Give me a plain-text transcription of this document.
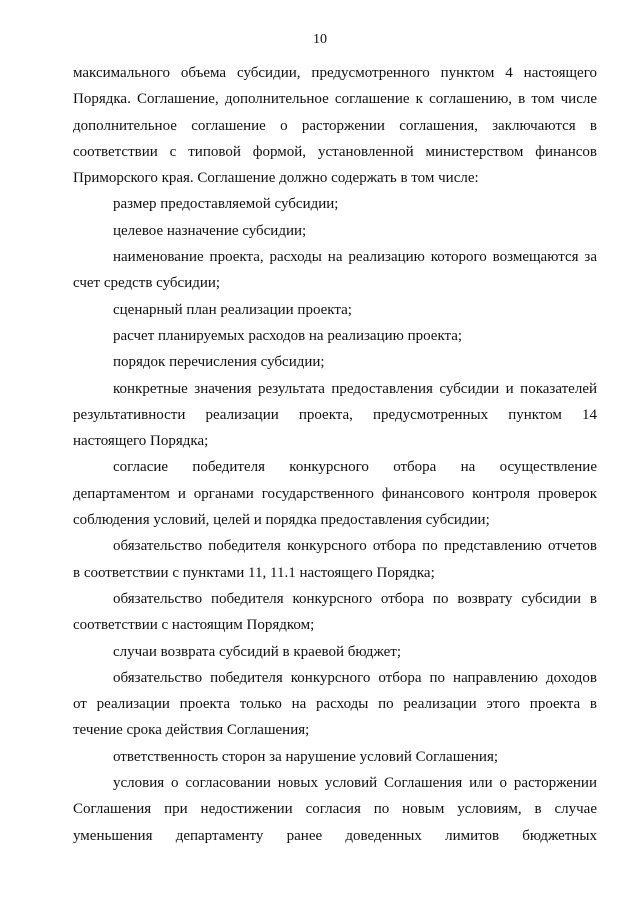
10
максимального объема субсидии, предусмотренного пунктом 4 настоящего
Порядка. Соглашение, дополнительное соглашение к соглашению, в том числе
дополнительное соглашение о расторжении соглашения, заключаются в
соответствии с типовой формой, установленной министерством финансов
Приморского края. Соглашение должно содержать в том числе:
размер предоставляемой субсидии;
целевое назначение субсидии;
наименование проекта, расходы на реализацию которого возмещаются за
счет средств субсидии;
сценарный план реализации проекта;
расчет планируемых расходов на реализацию проекта;
порядок перечисления субсидии;
конкретные значения результата предоставления субсидии и показателей
результативности реализации проекта, предусмотренных пунктом 14
настоящего Порядка;
согласие победителя конкурсного отбора на осуществление
департаментом и органами государственного финансового контроля проверок
соблюдения условий, целей и порядка предоставления субсидии;
обязательство победителя конкурсного отбора по представлению отчетов
в соответствии с пунктами 11, 11.1 настоящего Порядка;
обязательство победителя конкурсного отбора по возврату субсидии в
соответствии с настоящим Порядком;
случаи возврата субсидий в краевой бюджет;
обязательство победителя конкурсного отбора по направлению доходов
от реализации проекта только на расходы по реализации этого проекта в
течение срока действия Соглашения;
ответственность сторон за нарушение условий Соглашения;
условия о согласовании новых условий Соглашения или о расторжении
Соглашения при недостижении согласия по новым условиям, в случае
уменьшения департаменту ранее доведенных лимитов бюджетных
